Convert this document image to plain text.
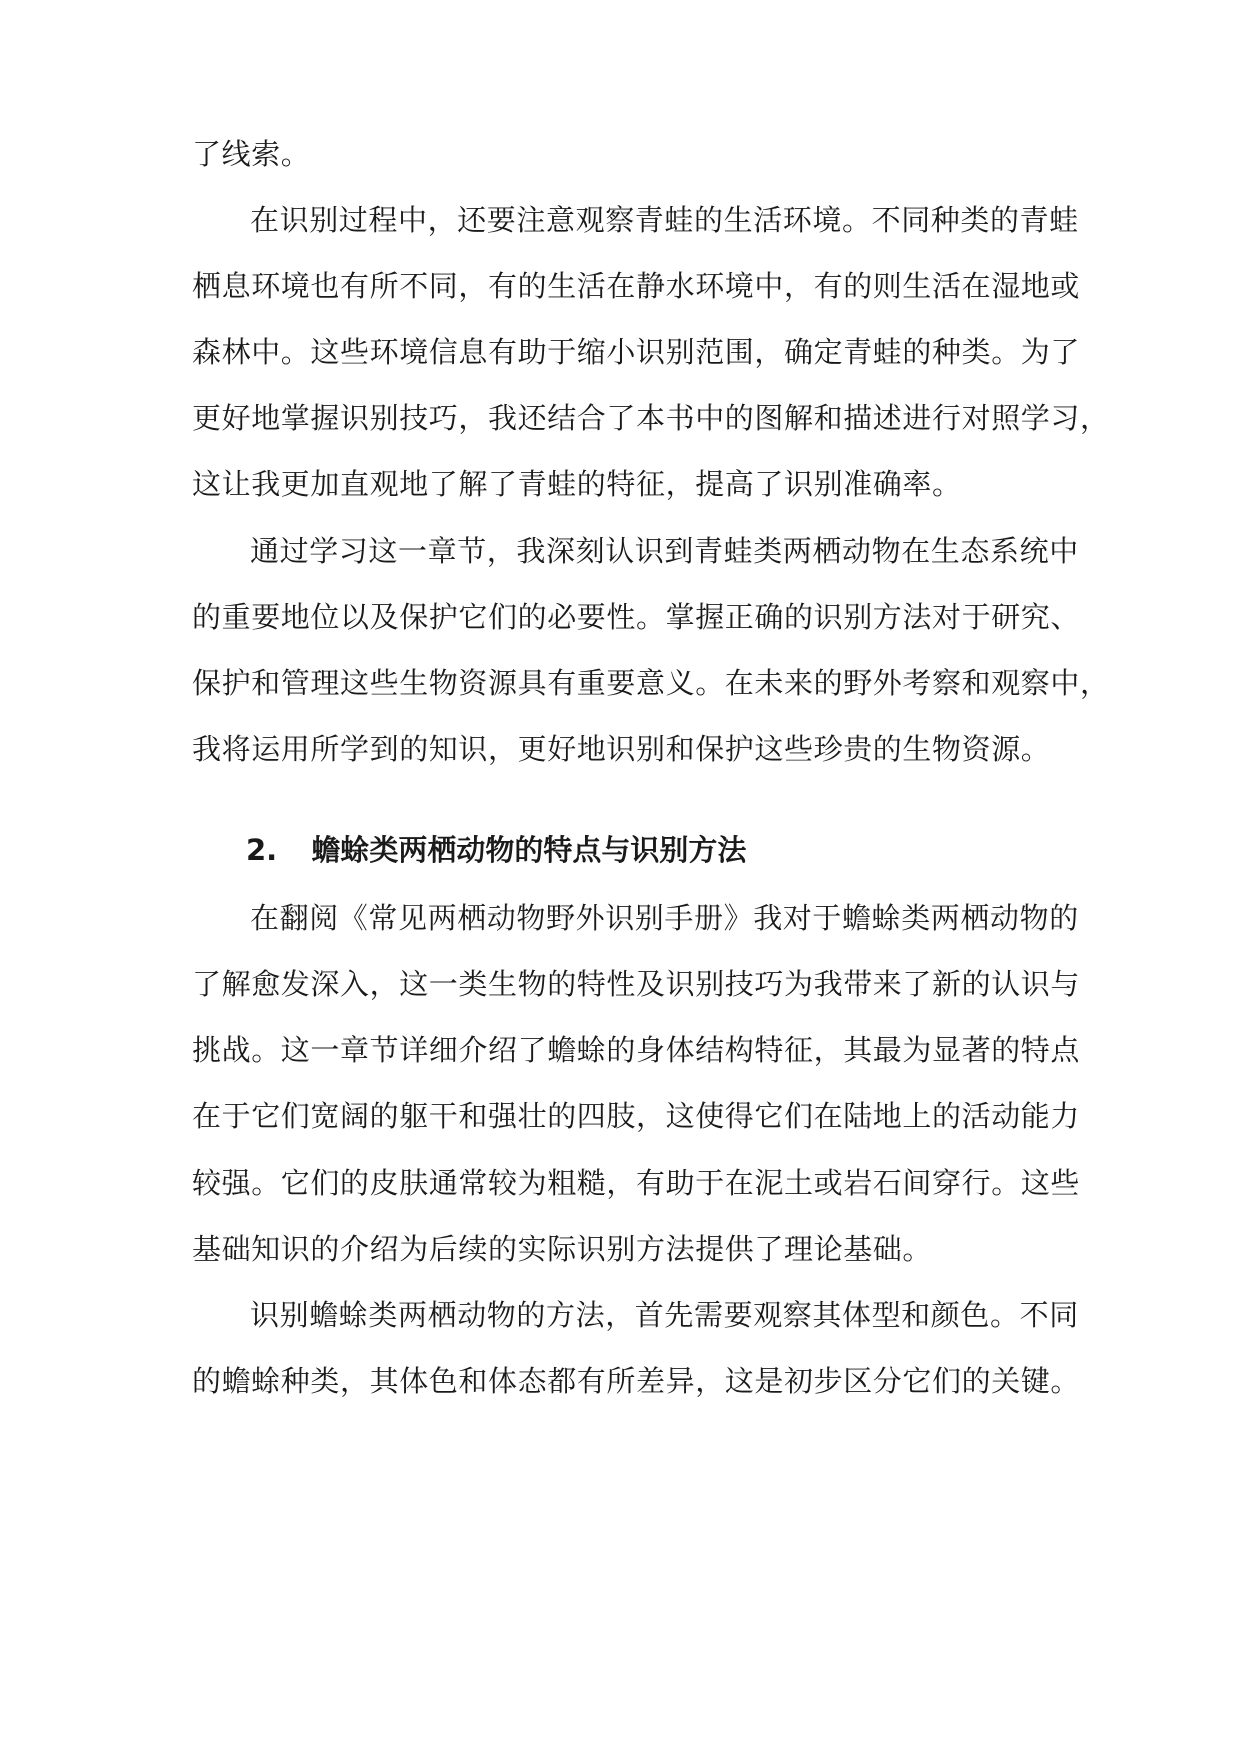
了线索。
在识别过程中，还要注意观察青蛙的生活环境。不同种类的青蛙
栖息环境也有所不同，有的生活在静水环境中，有的则生活在湿地或
森林中。这些环境信息有助于缩小识别范围，确定青蛙的种类。为了
更好地掌握识别技巧，我还结合了本书中的图解和描述进行对照学习，
这让我更加直观地了解了青蛙的特征，提高了识别准确率。
通过学习这一章节，我深刻认识到青蛙类两栖动物在生态系统中
的重要地位以及保护它们的必要性。掌握正确的识别方法对于研究、
保护和管理这些生物资源具有重要意义。在未来的野外考察和观察中，
我将运用所学到的知识，更好地识别和保护这些珍贵的生物资源。
2. 蟾蜍类两栖动物的特点与识别方法
在翻阅《常见两栖动物野外识别手册》我对于蟾蜍类两栖动物的
了解愈发深入，这一类生物的特性及识别技巧为我带来了新的认识与
挑战。这一章节详细介绍了蟾蜍的身体结构特征，其最为显著的特点
在于它们宽阔的躯干和强壮的四肢，这使得它们在陆地上的活动能力
较强。它们的皮肤通常较为粗糙，有助于在泥土或岩石间穿行。这些
基础知识的介绍为后续的实际识别方法提供了理论基础。
识别蟾蜍类两栖动物的方法，首先需要观察其体型和颜色。不同
的蟾蜍种类，其体色和体态都有所差异，这是初步区分它们的关键。
